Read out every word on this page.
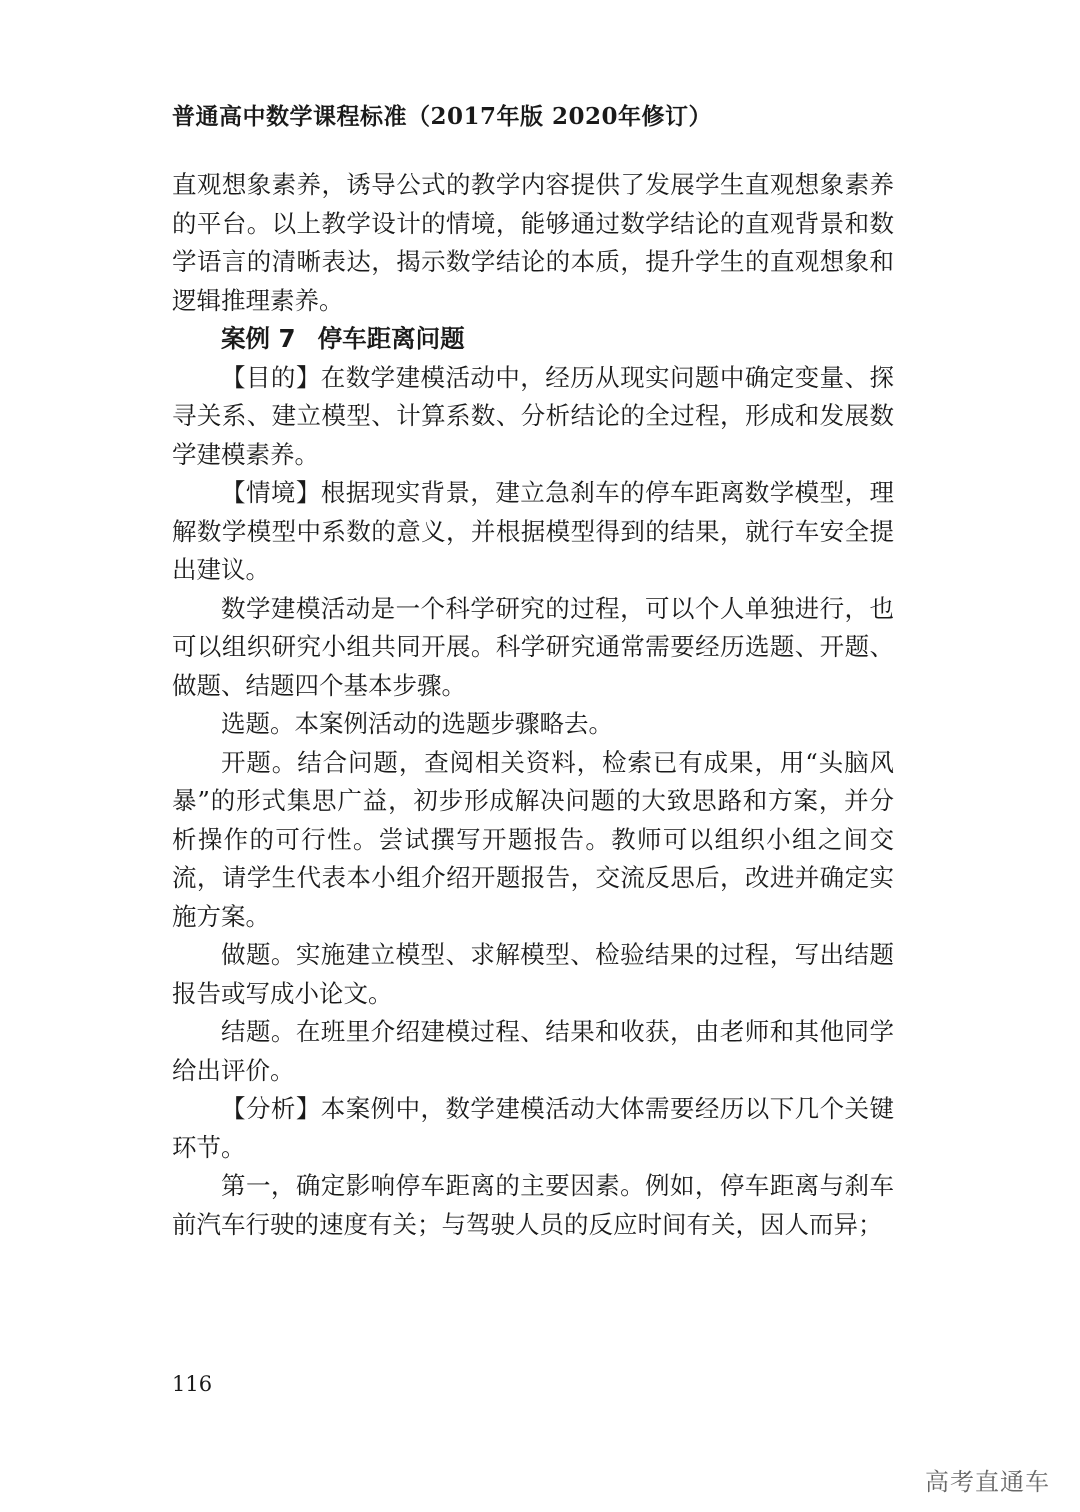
普通高中数学课程标准（2017年版 2020年修订）

直观想象素养，诱导公式的教学内容提供了发展学生直观想象素养的平台。以上教学设计的情境，能够通过数学结论的直观背景和数学语言的清晰表达，揭示数学结论的本质，提升学生的直观想象和逻辑推理素养。

案例 7 停车距离问题

【目的】在数学建模活动中，经历从现实问题中确定变量、探寻关系、建立模型、计算系数、分析结论的全过程，形成和发展数学建模素养。

【情境】根据现实背景，建立急刹车的停车距离数学模型，理解数学模型中系数的意义，并根据模型得到的结果，就行车安全提出建议。

数学建模活动是一个科学研究的过程，可以个人单独进行，也可以组织研究小组共同开展。科学研究通常需要经历选题、开题、做题、结题四个基本步骤。

选题。本案例活动的选题步骤略去。

开题。结合问题，查阅相关资料，检索已有成果，用“头脑风暴”的形式集思广益，初步形成解决问题的大致思路和方案，并分析操作的可行性。尝试撰写开题报告。教师可以组织小组之间交流，请学生代表本小组介绍开题报告，交流反思后，改进并确定实施方案。

做题。实施建立模型、求解模型、检验结果的过程，写出结题报告或写成小论文。

结题。在班里介绍建模过程、结果和收获，由老师和其他同学给出评价。

【分析】本案例中，数学建模活动大体需要经历以下几个关键环节。

第一，确定影响停车距离的主要因素。例如，停车距离与刹车前汽车行驶的速度有关；与驾驶人员的反应时间有关，因人而异；

116
高考直通车
